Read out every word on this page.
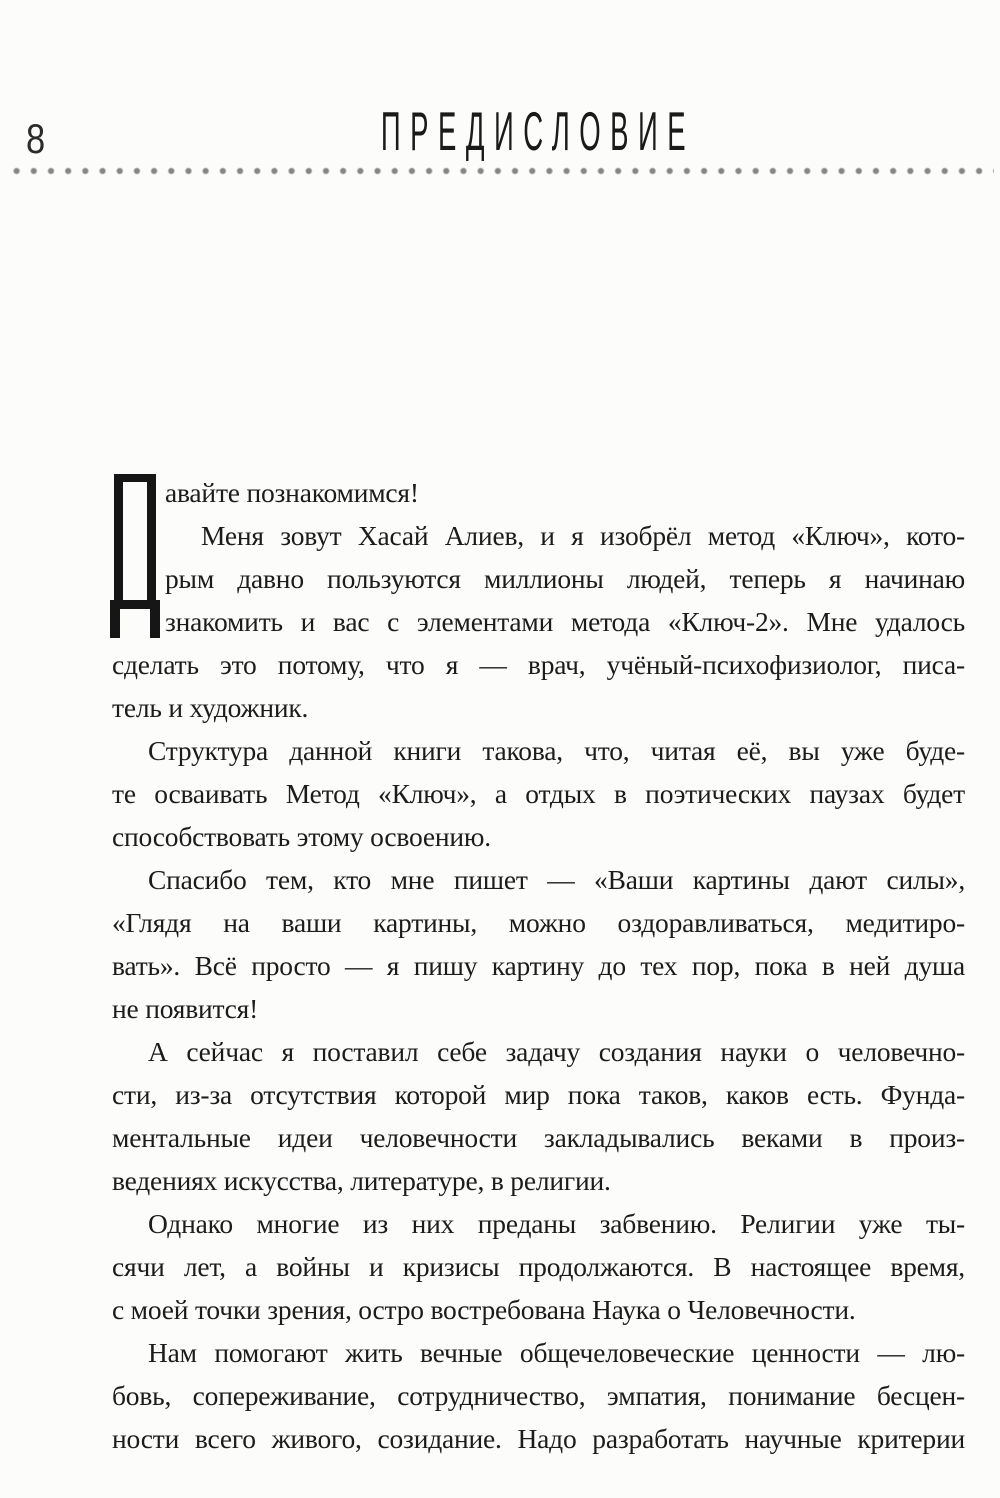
8	ПРЕДИСЛОВИЕ
авайте познакомимся!
Меня зовут Хасай Алиев, и я изобрёл метод «Ключ», кото-
рым давно пользуются миллионы людей, теперь я начинаю
знакомить и вас с элементами метода «Ключ-2». Мне удалось
сделать это потому, что я — врач, учёный-психофизиолог, писа-
тель и художник.
Структура данной книги такова, что, читая её, вы уже буде-
те осваивать Метод «Ключ», а отдых в поэтических паузах будет
способствовать этому освоению.
Спасибо тем, кто мне пишет — «Ваши картины дают силы»,
«Глядя на ваши картины, можно оздоравливаться, медитиро-
вать». Всё просто — я пишу картину до тех пор, пока в ней душа
не появится!
А сейчас я поставил себе задачу создания науки о человечно-
сти, из-за отсутствия которой мир пока таков, каков есть. Фунда-
ментальные идеи человечности закладывались веками в произ-
ведениях искусства, литературе, в религии.
Однако многие из них преданы забвению. Религии уже ты-
сячи лет, а войны и кризисы продолжаются. В настоящее время,
с моей точки зрения, остро востребована Наука о Человечности.
Нам помогают жить вечные общечеловеческие ценности — лю-
бовь, сопереживание, сотрудничество, эмпатия, понимание бесцен-
ности всего живого, созидание. Надо разработать научные критерии
